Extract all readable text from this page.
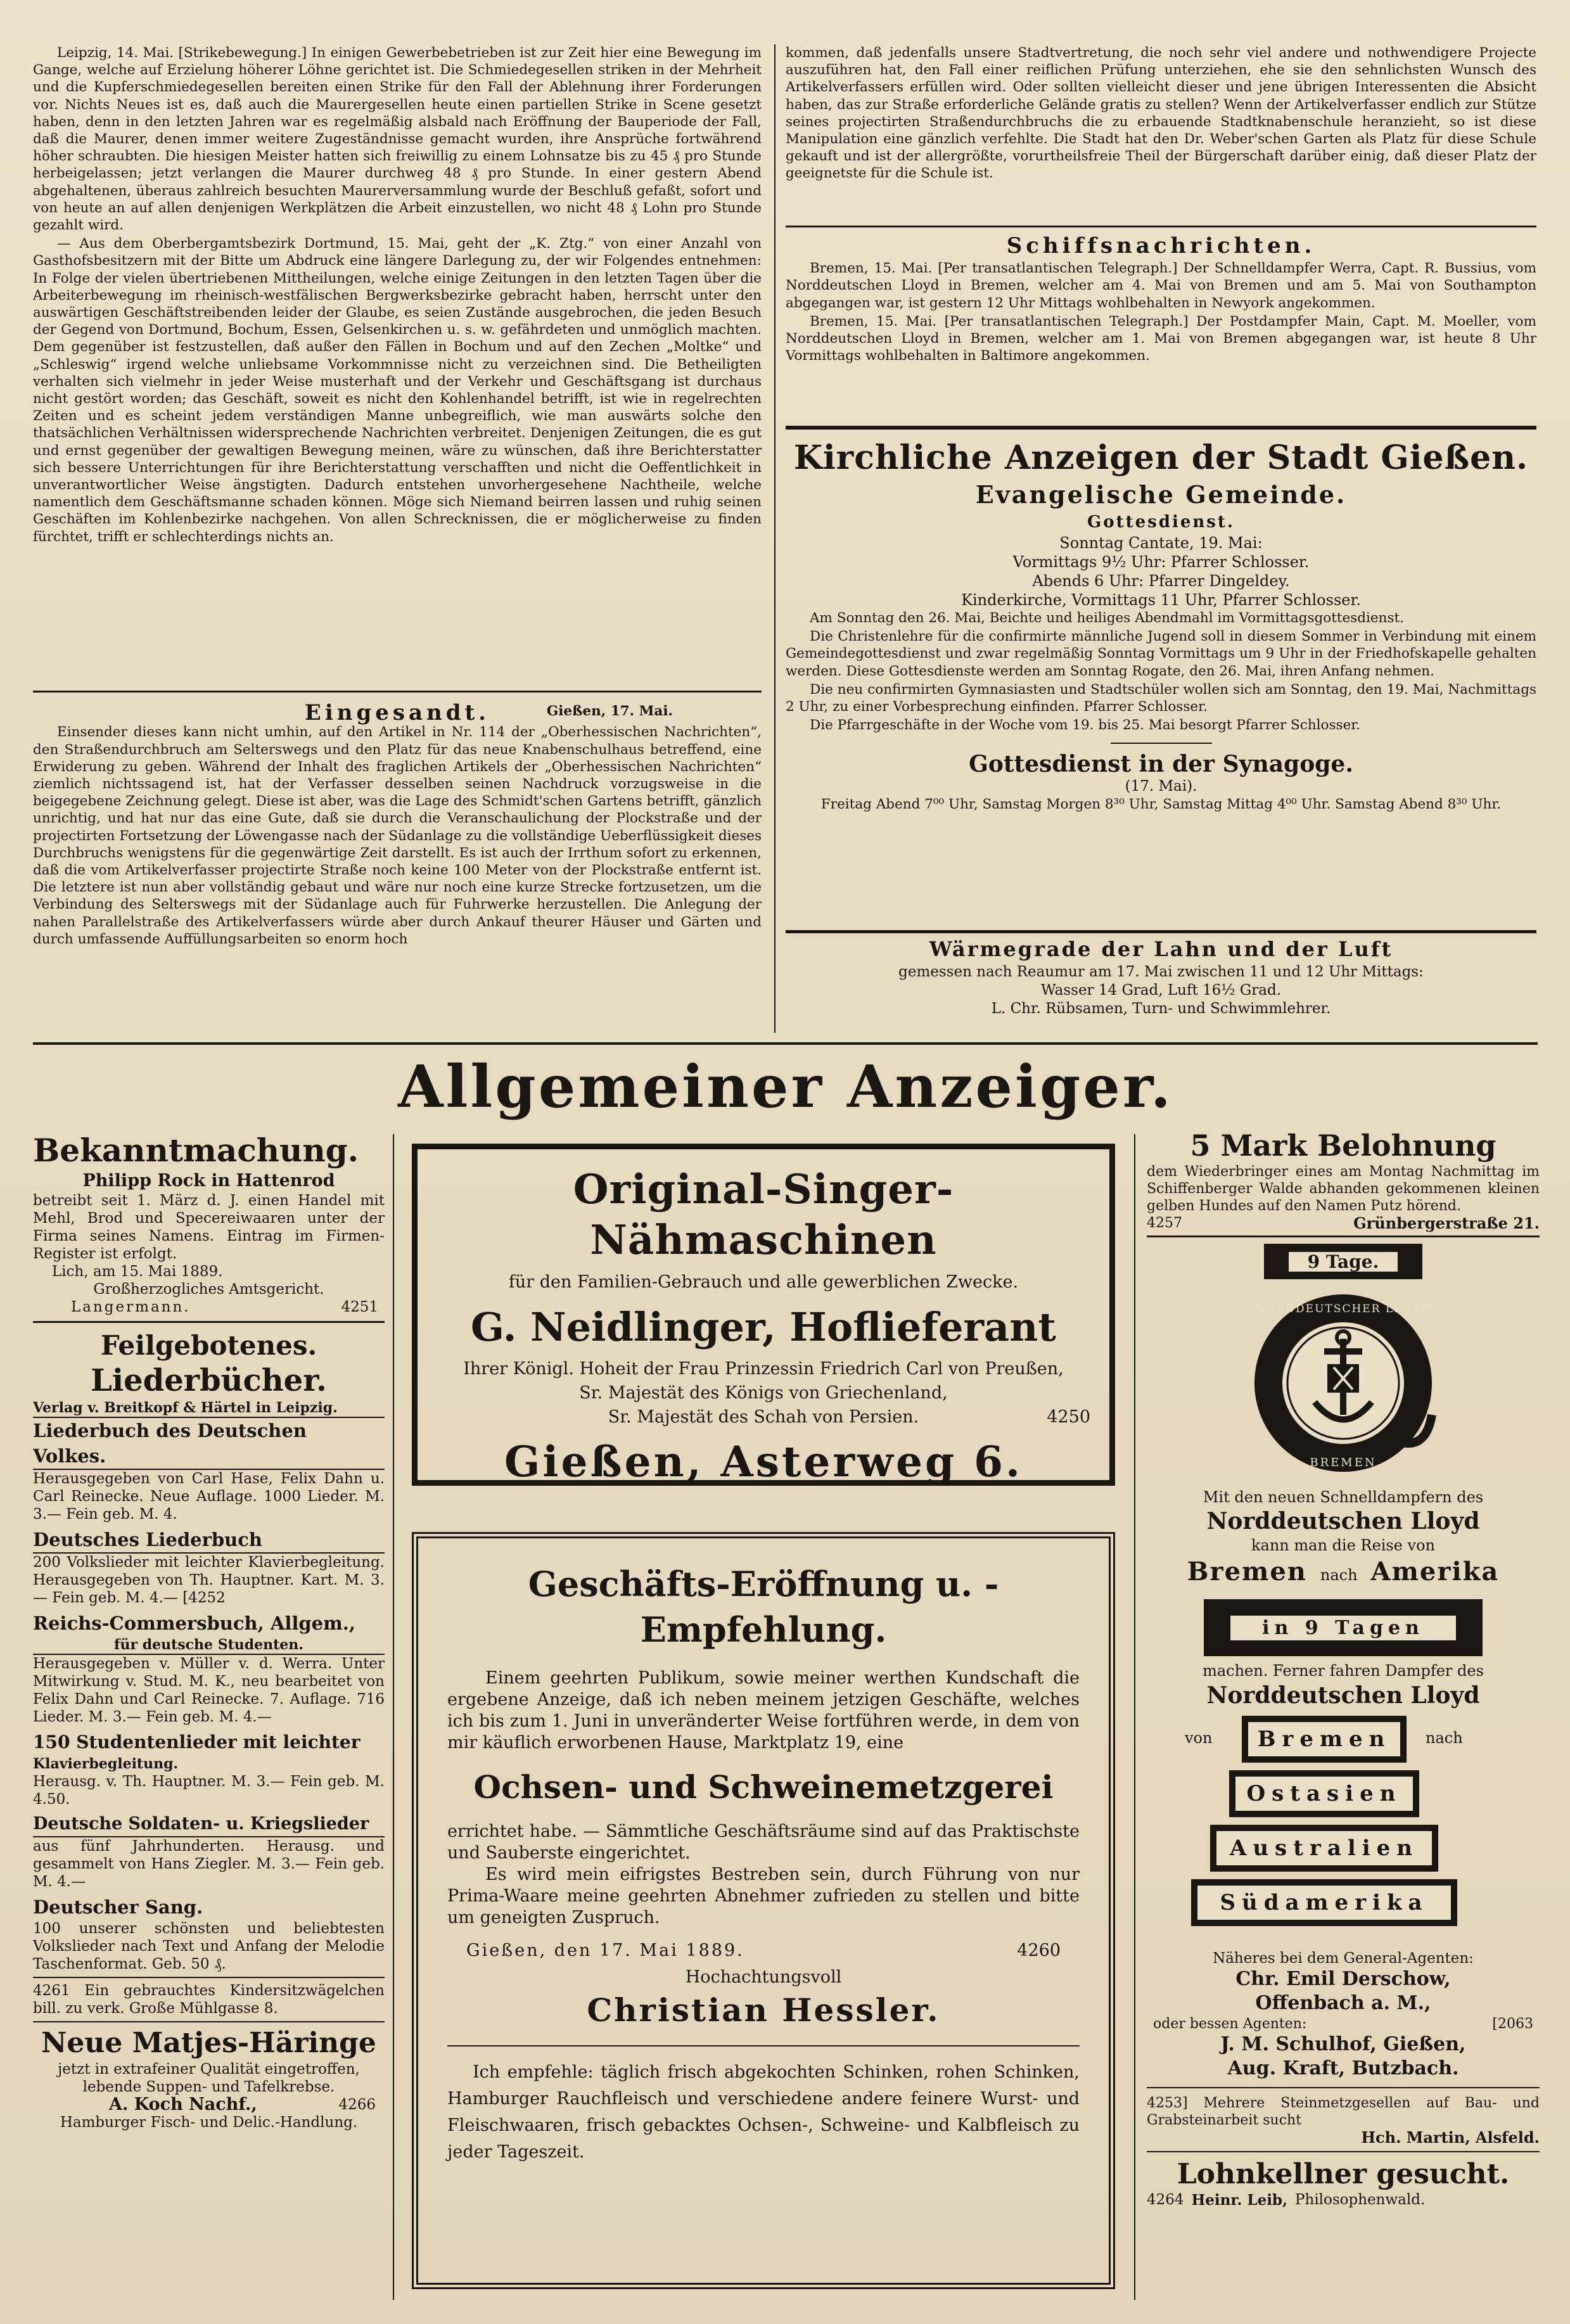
Leipzig, 14. Mai. [Strikebewegung.] In einigen Gewerbebetrieben ist zur Zeit hier eine Bewegung im Gange, welche auf Erzielung höherer Löhne gerichtet ist. Die Schmiedegesellen striken in der Mehrheit und die Kupferschmiedegesellen bereiten einen Strike für den Fall der Ablehnung ihrer Forderungen vor. Nichts Neues ist es, daß auch die Maurergesellen heute einen partiellen Strike in Scene gesetzt haben, denn in den letzten Jahren war es regelmäßig alsbald nach Eröffnung der Bauperiode der Fall, daß die Maurer, denen immer weitere Zugeständnisse gemacht wurden, ihre Ansprüche fortwährend höher schraubten. Die hiesigen Meister hatten sich freiwillig zu einem Lohnsatze bis zu 45 ₰ pro Stunde herbeigelassen; jetzt verlangen die Maurer durchweg 48 ₰ pro Stunde. In einer gestern Abend abgehaltenen, überaus zahlreich besuchten Maurerversammlung wurde der Beschluß gefaßt, sofort und von heute an auf allen denjenigen Werkplätzen die Arbeit einzustellen, wo nicht 48 ₰ Lohn pro Stunde gezahlt wird.

— Aus dem Oberbergamtsbezirk Dortmund, 15. Mai, geht der „K. Ztg.“ von einer Anzahl von Gasthofsbesitzern mit der Bitte um Abdruck eine längere Darlegung zu, der wir Folgendes entnehmen: In Folge der vielen übertriebenen Mittheilungen, welche einige Zeitungen in den letzten Tagen über die Arbeiterbewegung im rheinisch-westfälischen Bergwerksbezirke gebracht haben, herrscht unter den auswärtigen Geschäftstreibenden leider der Glaube, es seien Zustände ausgebrochen, die jeden Besuch der Gegend von Dortmund, Bochum, Essen, Gelsenkirchen u. s. w. gefährdeten und unmöglich machten. Dem gegenüber ist festzustellen, daß außer den Fällen in Bochum und auf den Zechen „Moltke“ und „Schleswig“ irgend welche unliebsame Vorkommnisse nicht zu verzeichnen sind. Die Betheiligten verhalten sich vielmehr in jeder Weise musterhaft und der Verkehr und Geschäftsgang ist durchaus nicht gestört worden; das Geschäft, soweit es nicht den Kohlenhandel betrifft, ist wie in regelrechten Zeiten und es scheint jedem verständigen Manne unbegreiflich, wie man auswärts solche den thatsächlichen Verhältnissen widersprechende Nachrichten verbreitet. Denjenigen Zeitungen, die es gut und ernst gegenüber der gewaltigen Bewegung meinen, wäre zu wünschen, daß ihre Berichterstatter sich bessere Unterrichtungen für ihre Berichterstattung verschafften und nicht die Oeffentlichkeit in unverantwortlicher Weise ängstigten. Dadurch entstehen unvorhergesehene Nachtheile, welche namentlich dem Geschäftsmanne schaden können. Möge sich Niemand beirren lassen und ruhig seinen Geschäften im Kohlenbezirke nachgehen. Von allen Schrecknissen, die er möglicherweise zu finden fürchtet, trifft er schlechterdings nichts an.

Eingesandt.	Gießen, 17. Mai.

Einsender dieses kann nicht umhin, auf den Artikel in Nr. 114 der „Oberhessischen Nachrichten“, den Straßendurchbruch am Selterswegs und den Platz für das neue Knabenschulhaus betreffend, eine Erwiderung zu geben. Während der Inhalt des fraglichen Artikels der „Oberhessischen Nachrichten“ ziemlich nichtssagend ist, hat der Verfasser desselben seinen Nachdruck vorzugsweise in die beigegebene Zeichnung gelegt. Diese ist aber, was die Lage des Schmidt'schen Gartens betrifft, gänzlich unrichtig, und hat nur das eine Gute, daß sie durch die Veranschaulichung der Plockstraße und der projectirten Fortsetzung der Löwengasse nach der Südanlage zu die vollständige Ueberflüssigkeit dieses Durchbruchs wenigstens für die gegenwärtige Zeit darstellt. Es ist auch der Irrthum sofort zu erkennen, daß die vom Artikelverfasser projectirte Straße noch keine 100 Meter von der Plockstraße entfernt ist. Die letztere ist nun aber vollständig gebaut und wäre nur noch eine kurze Strecke fortzusetzen, um die Verbindung des Selterswegs mit der Südanlage auch für Fuhrwerke herzustellen. Die Anlegung der nahen Parallelstraße des Artikelverfassers würde aber durch Ankauf theurer Häuser und Gärten und durch umfassende Auffüllungsarbeiten so enorm hoch

kommen, daß jedenfalls unsere Stadtvertretung, die noch sehr viel andere und nothwendigere Projecte auszuführen hat, den Fall einer reiflichen Prüfung unterziehen, ehe sie den sehnlichsten Wunsch des Artikelverfassers erfüllen wird. Oder sollten vielleicht dieser und jene übrigen Interessenten die Absicht haben, das zur Straße erforderliche Gelände gratis zu stellen? Wenn der Artikelverfasser endlich zur Stütze seines projectirten Straßendurchbruchs die zu erbauende Stadtknabenschule heranzieht, so ist diese Manipulation eine gänzlich verfehlte. Die Stadt hat den Dr. Weber'schen Garten als Platz für diese Schule gekauft und ist der allergrößte, vorurtheilsfreie Theil der Bürgerschaft darüber einig, daß dieser Platz der geeignetste für die Schule ist.

Schiffsnachrichten.

Bremen, 15. Mai. [Per transatlantischen Telegraph.] Der Schnelldampfer Werra, Capt. R. Bussius, vom Norddeutschen Lloyd in Bremen, welcher am 4. Mai von Bremen und am 5. Mai von Southampton abgegangen war, ist gestern 12 Uhr Mittags wohlbehalten in Newyork angekommen.

Bremen, 15. Mai. [Per transatlantischen Telegraph.] Der Postdampfer Main, Capt. M. Moeller, vom Norddeutschen Lloyd in Bremen, welcher am 1. Mai von Bremen abgegangen war, ist heute 8 Uhr Vormittags wohlbehalten in Baltimore angekommen.

Kirchliche Anzeigen der Stadt Gießen.
Evangelische Gemeinde.
Gottesdienst.
Sonntag Cantate, 19. Mai:
Vormittags 9½ Uhr: Pfarrer Schlosser.
Abends 6 Uhr: Pfarrer Dingeldey.
Kinderkirche, Vormittags 11 Uhr, Pfarrer Schlosser.

Am Sonntag den 26. Mai, Beichte und heiliges Abendmahl im Vormittagsgottesdienst.

Die Christenlehre für die confirmirte männliche Jugend soll in diesem Sommer in Verbindung mit einem Gemeindegottesdienst und zwar regelmäßig Sonntag Vormittags um 9 Uhr in der Friedhofskapelle gehalten werden. Diese Gottesdienste werden am Sonntag Rogate, den 26. Mai, ihren Anfang nehmen.

Die neu confirmirten Gymnasiasten und Stadtschüler wollen sich am Sonntag, den 19. Mai, Nachmittags 2 Uhr, zu einer Vorbesprechung einfinden. Pfarrer Schlosser.

Die Pfarrgeschäfte in der Woche vom 19. bis 25. Mai besorgt Pfarrer Schlosser.

Gottesdienst in der Synagoge.
(17. Mai).

Freitag Abend 7⁰⁰ Uhr, Samstag Morgen 8³⁰ Uhr, Samstag Mittag 4⁰⁰ Uhr. Samstag Abend 8³⁰ Uhr.

Wärmegrade der Lahn und der Luft
gemessen nach Reaumur am 17. Mai zwischen 11 und 12 Uhr Mittags:
Wasser 14 Grad, Luft 16½ Grad.
L. Chr. Rübsamen, Turn- und Schwimmlehrer.
Allgemeiner Anzeiger.
Bekanntmachung.
Philipp Rock in Hattenrod
betreibt seit 1. März d. J. einen Handel mit Mehl, Brod und Specereiwaaren unter der Firma seines Namens. Eintrag im Firmen-Register ist erfolgt.
Lich, am 15. Mai 1889.
Großherzogliches Amtsgericht.
Langermann.	4251
Feilgebotenes.
Liederbücher.
Verlag v. Breitkopf & Härtel in Leipzig.
Liederbuch des Deutschen Volkes.
Herausgegeben von Carl Hase, Felix Dahn u. Carl Reinecke. Neue Auflage. 1000 Lieder. M. 3.— Fein geb. M. 4.
Deutsches Liederbuch
200 Volkslieder mit leichter Klavierbegleitung. Herausgegeben von Th. Hauptner. Kart. M. 3.— Fein geb. M. 4.— [4252
Reichs-Commersbuch, Allgem.,
für deutsche Studenten.
Herausgegeben v. Müller v. d. Werra. Unter Mitwirkung v. Stud. M. K., neu bearbeitet von Felix Dahn und Carl Reinecke. 7. Auflage. 716 Lieder. M. 3.— Fein geb. M. 4.—
150 Studentenlieder mit leichter
Klavierbegleitung.
Herausg. v. Th. Hauptner. M. 3.— Fein geb. M. 4.50.
Deutsche Soldaten- u. Kriegslieder
aus fünf Jahrhunderten. Herausg. und gesammelt von Hans Ziegler. M. 3.— Fein geb. M. 4.—
Deutscher Sang.
100 unserer schönsten und beliebtesten Volkslieder nach Text und Anfang der Melodie Taschenformat. Geb. 50 ₰.
4261 Ein gebrauchtes Kindersitzwägelchen bill. zu verk. Große Mühlgasse 8.
Neue Matjes-Häringe
jetzt in extrafeiner Qualität eingetroffen, lebende Suppen- und Tafelkrebse.
A. Koch Nachf.,	4266
Hamburger Fisch- und Delic.-Handlung.
Original-Singer-Nähmaschinen
für den Familien-Gebrauch und alle gewerblichen Zwecke.
G. Neidlinger, Hoflieferant
Ihrer Königl. Hoheit der Frau Prinzessin Friedrich Carl von Preußen,
Sr. Majestät des Königs von Griechenland,
Sr. Majestät des Schah von Persien.	4250
Gießen, Asterweg 6.
Geschäfts-Eröffnung u. -Empfehlung.

Einem geehrten Publikum, sowie meiner werthen Kundschaft die ergebene Anzeige, daß ich neben meinem jetzigen Geschäfte, welches ich bis zum 1. Juni in unveränderter Weise fortführen werde, in dem von mir käuflich erworbenen Hause, Marktplatz 19, eine

Ochsen- und Schweinemetzgerei

errichtet habe. — Sämmtliche Geschäftsräume sind auf das Praktischste und Sauberste eingerichtet.

Es wird mein eifrigstes Bestreben sein, durch Führung von nur Prima-Waare meine geehrten Abnehmer zufrieden zu stellen und bitte um geneigten Zuspruch.

Gießen, den 17. Mai 1889.	4260
Hochachtungsvoll
Christian Hessler.

Ich empfehle: täglich frisch abgekochten Schinken, rohen Schinken, Hamburger Rauchfleisch und verschiedene andere feinere Wurst- und Fleischwaaren, frisch gebacktes Ochsen-, Schweine- und Kalbfleisch zu jeder Tageszeit.

5 Mark Belohnung
dem Wiederbringer eines am Montag Nachmittag im Schiffenberger Walde abhanden gekommenen kleinen gelben Hundes auf den Namen Putz hörend.
4257	Grünbergerstraße 21.
9 Tage.
NORDDEUTSCHER LLOYD
BREMEN
Mit den neuen Schnelldampfern des
Norddeutschen Lloyd
kann man die Reise von
Bremen nach Amerika
in 9 Tagen
machen. Ferner fahren Dampfer des
Norddeutschen Lloyd
von	nach
Bremen
Ostasien
Australien
Südamerika
Näheres bei dem General-Agenten:
Chr. Emil Derschow,
Offenbach a. M.,
oder bessen Agenten:	[2063
J. M. Schulhof, Gießen,
Aug. Kraft, Butzbach.
4253] Mehrere Steinmetzgesellen auf Bau- und Grabsteinarbeit sucht
Hch. Martin, Alsfeld.
Lohnkellner gesucht.
4264 Heinr. Leib, Philosophenwald.
